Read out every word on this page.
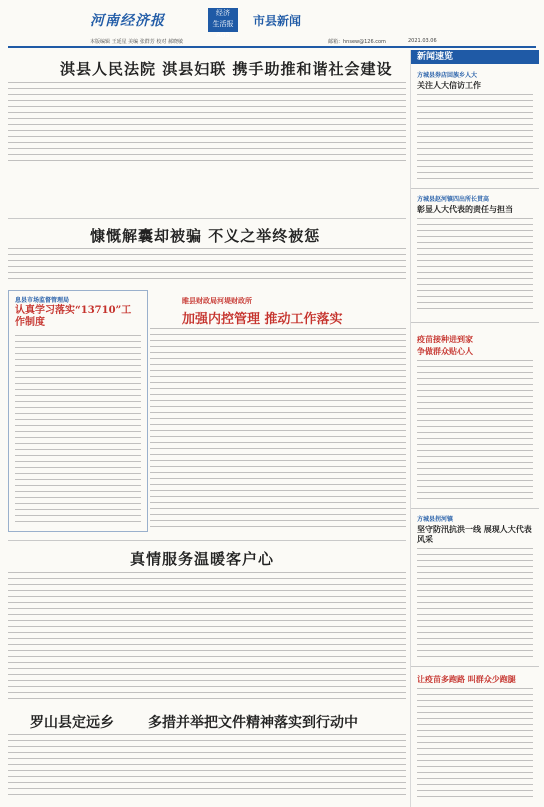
河南经济报	经济
生活报
A05
市县新闻
本版编辑 王延星 美编 张群芳 校对 郝晓敏	邮箱：hnsew@126.com	2021.03.06
淇县人民法院 淇县妇联 携手助推和谐社会建设
慷慨解囊却被骗 不义之举终被惩
息县市场监督管理局
认真学习落实“13710”工作制度
睢县财政局河堤财政所
加强内控管理 推动工作落实
真情服务温暖客户心
罗山县定远乡 多措并举把文件精神落实到行动中
新闻速览
方城县券店回族乡人大
关注人大信访工作
方城县赵河镇四出所长贯高
彰显人大代表的责任与担当
疫苗接种进到家
争做群众贴心人
方城县拐河镇
坚守防汛抗洪一线 展现人大代表风采
让疫苗多跑路 叫群众少跑腿
